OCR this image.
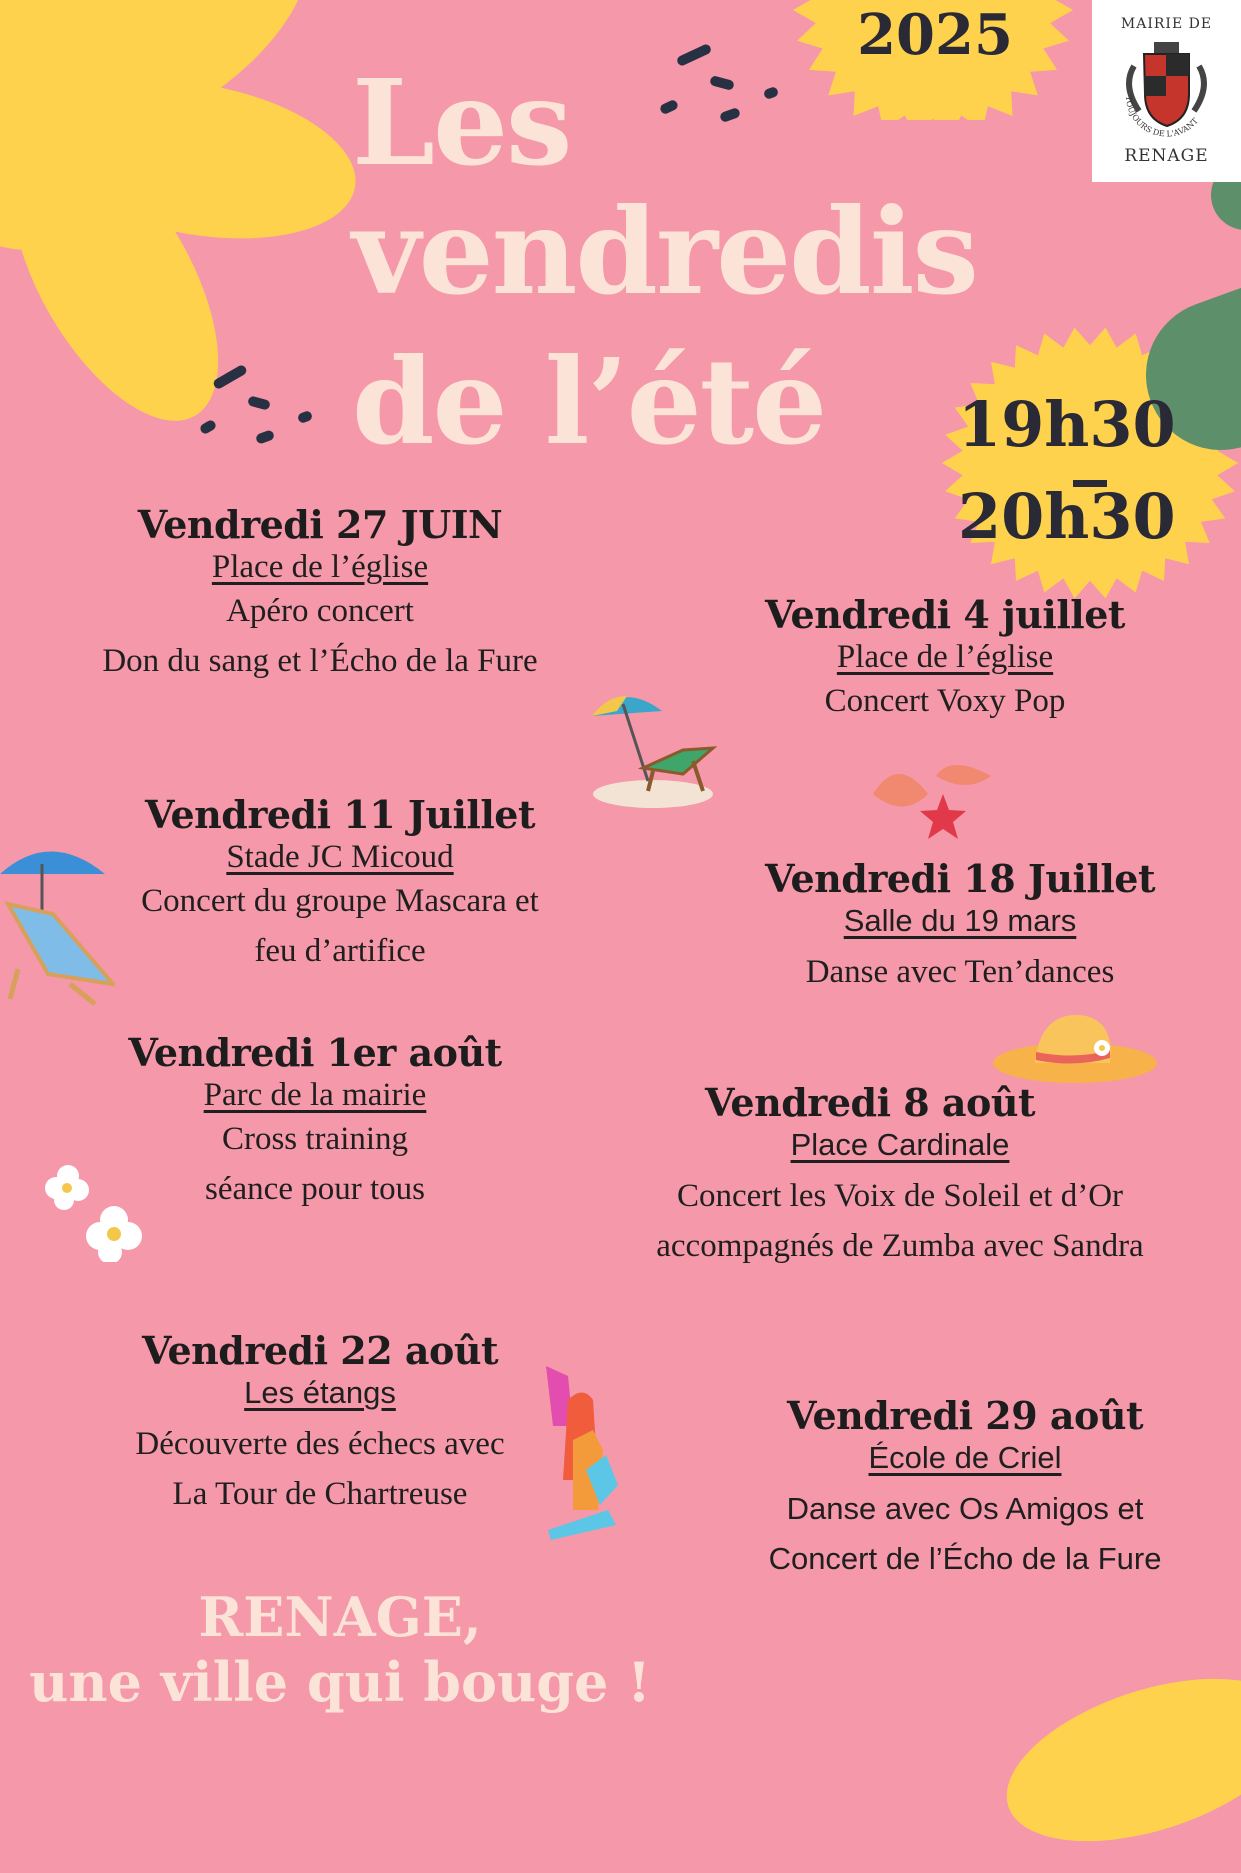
2025
Les
vendredis
de l’été 19h30
20h30
MAIRIE DE
TOUJOURS DE L'AVANT
RENAGE
Vendredi 27 JUIN
Place de l’église
Apéro concert
Don du sang et l’Écho de la Fure
Vendredi 4 juillet
Place de l’église
Concert Voxy Pop
Vendredi 11 Juillet
Stade JC Micoud
Concert du groupe Mascara et
feu d’artifice
Vendredi 18 Juillet
Salle du 19 mars
Danse avec Ten’dances
Vendredi 1er août
Parc de la mairie
Cross training
séance pour tous
Vendredi 8 août
Place Cardinale
Concert les Voix de Soleil et d’Or
accompagnés de Zumba avec Sandra
Vendredi 22 août
Les étangs
Découverte des échecs avec
La Tour de Chartreuse
Vendredi 29 août
École de Criel
Danse avec Os Amigos et
Concert de l’Écho de la Fure
RENAGE,
une ville qui bouge !
